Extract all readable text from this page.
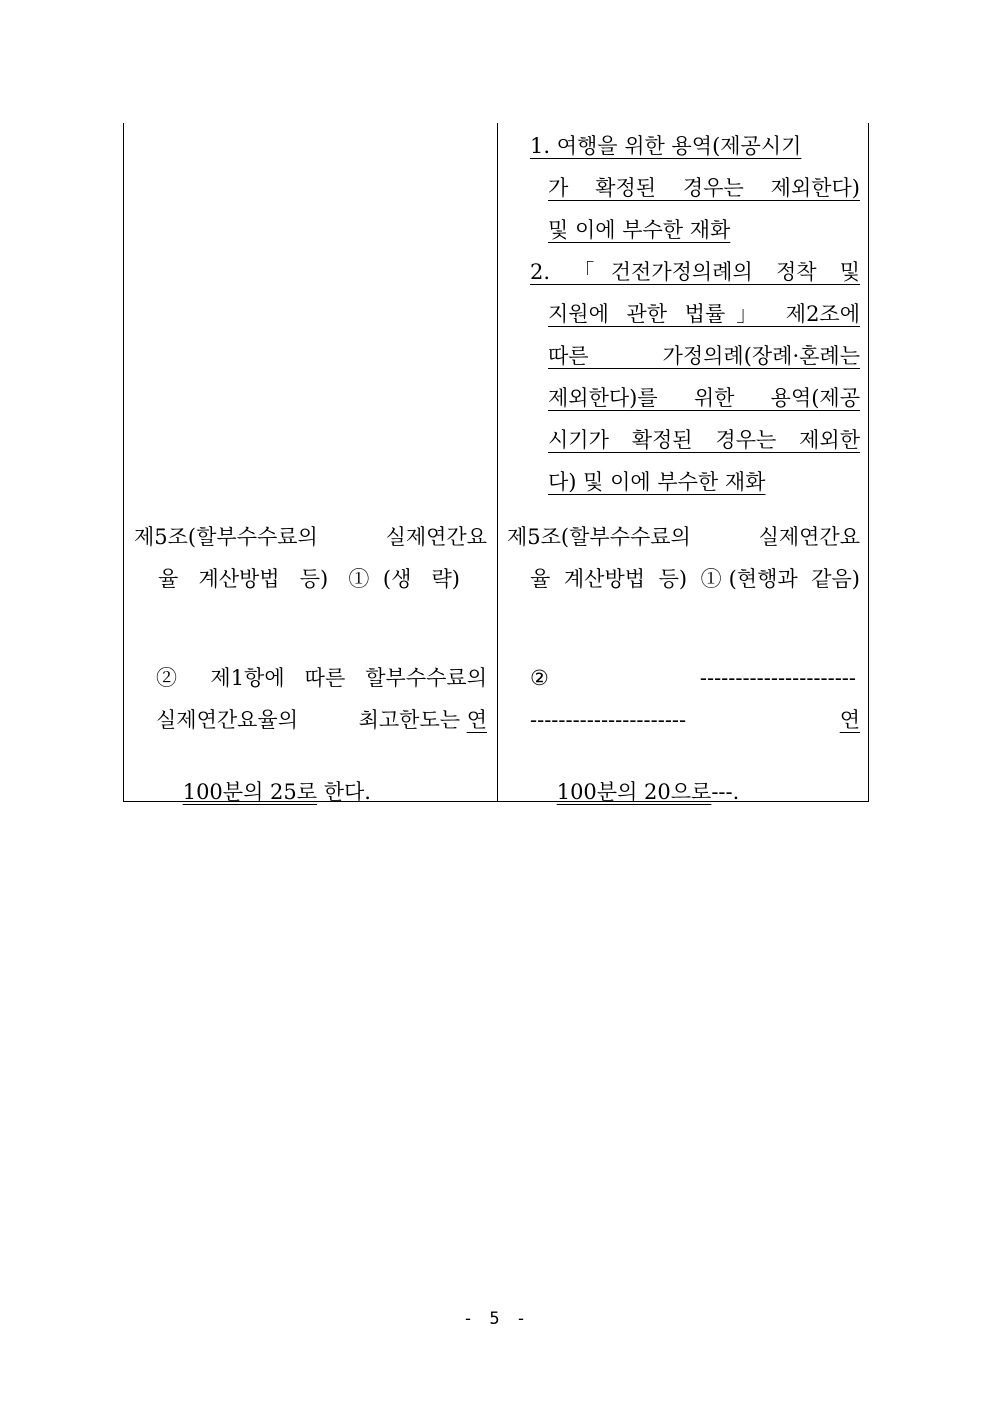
1. 여행을 위한 용역(제공시기
가 확정된 경우는 제외한다)
및 이에 부수한 재화
2. 「건전가정의례의 정착 및
지원에 관한 법률」 제2조에
따른 가정의례(장례·혼례는
제외한다)를 위한 용역(제공
시기가 확정된 경우는 제외한
다) 및 이에 부수한 재화
제5조(할부수수료의 실제연간요
율 계산방법 등) ①(생 략)
제5조(할부수수료의 실제연간요
율 계산방법 등) ①(현행과 같음)
② 제1항에 따른 할부수수료의
실제연간요율의 최고한도는 연

100분의 25로 한다.

② ----------------------
----------------------	연

100분의 20으로---.

- 5 -
